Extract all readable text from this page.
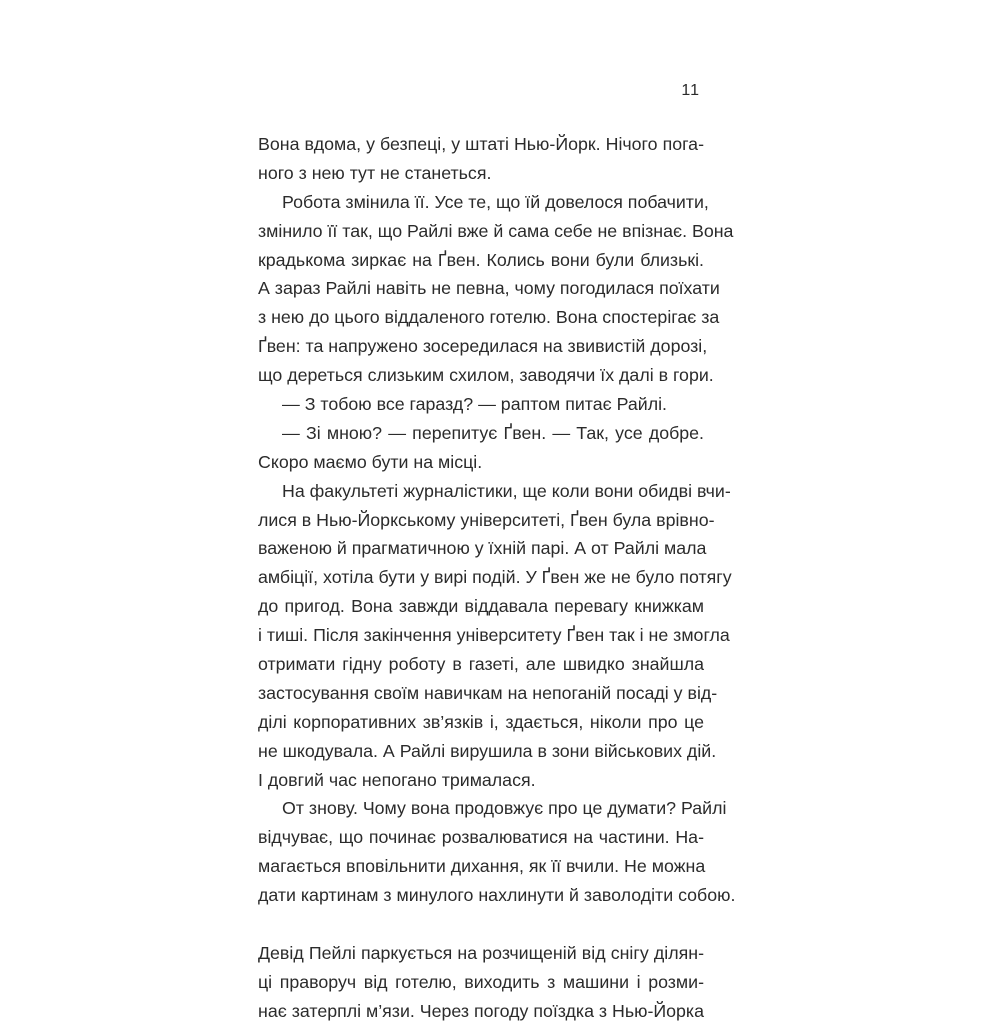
11
Вона вдома, у безпеці, у штаті Нью-Йорк. Нічого пога-
ного з нею тут не станеться.
Робота змінила її. Усе те, що їй довелося побачити,
змінило її так, що Райлі вже й сама себе не впізнає. Вона
крадькома зиркає на Ґвен. Колись вони були близькі.
А зараз Райлі навіть не певна, чому погодилася поїхати
з нею до цього віддаленого готелю. Вона спостерігає за
Ґвен: та напружено зосередилася на звивистій дорозі,
що дереться слизьким схилом, заводячи їх далі в гори.
— З тобою все гаразд? — раптом питає Райлі.
— Зі мною? — перепитує Ґвен. — Так, усе добре.
Скоро маємо бути на місці.
На факультеті журналістики, ще коли вони обидві вчи-
лися в Нью-Йоркському університеті, Ґвен була врівно-
важеною й прагматичною у їхній парі. А от Райлі мала
амбіції, хотіла бути у вирі подій. У Ґвен же не було потягу
до пригод. Вона завжди віддавала перевагу книжкам
і тиші. Після закінчення університету Ґвен так і не змогла
отримати гідну роботу в газеті, але швидко знайшла
застосування своїм навичкам на непоганій посаді у від-
ділі корпоративних зв’язків і, здається, ніколи про це
не шкодувала. А Райлі вирушила в зони військових дій.
І довгий час непогано трималася.
От знову. Чому вона продовжує про це думати? Райлі
відчуває, що починає розвалюватися на частини. На-
магається вповільнити дихання, як її вчили. Не можна
дати картинам з минулого нахлинути й заволодіти собою.
Девід Пейлі паркується на розчищеній від снігу ділян-
ці праворуч від готелю, виходить з машини і розми-
нає затерплі м’язи. Через погоду поїздка з Нью-Йорка
